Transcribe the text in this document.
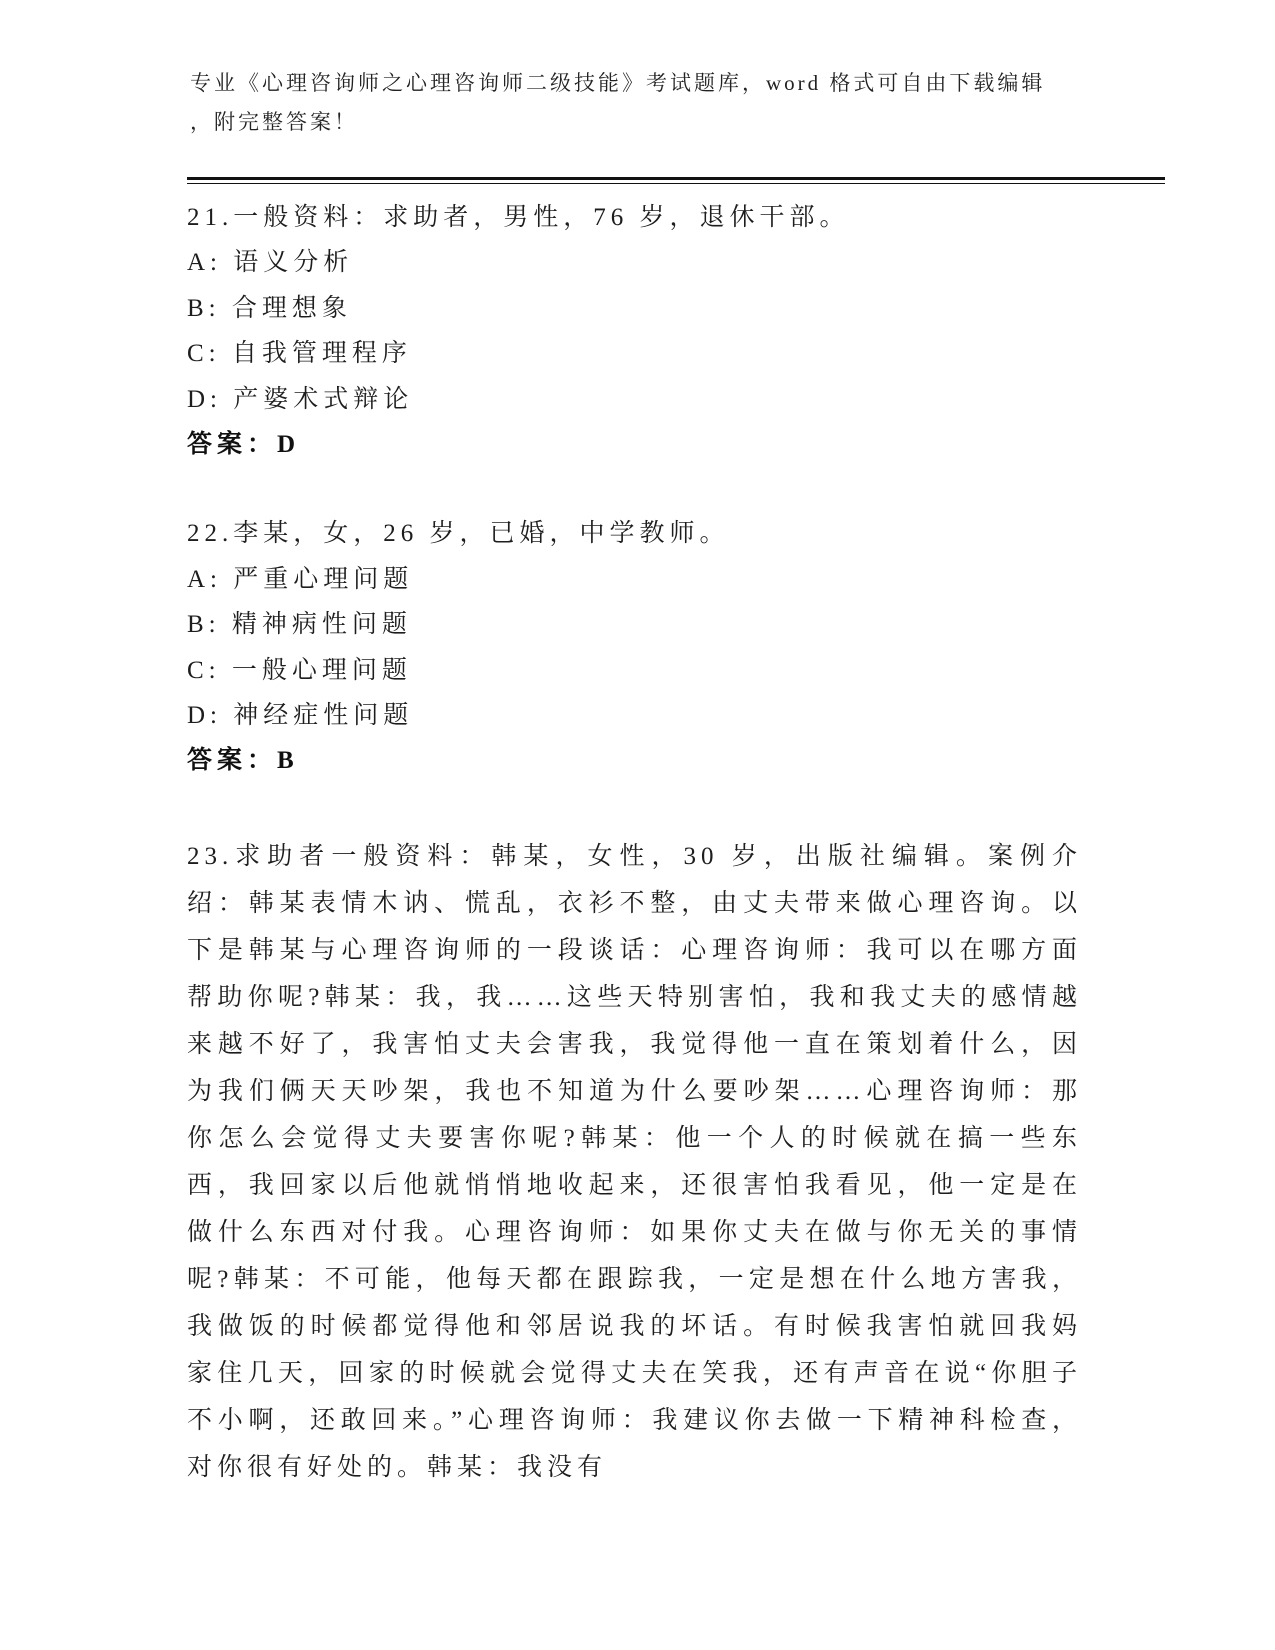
专业《心理咨询师之心理咨询师二级技能》考试题库，word 格式可自由下载编辑
，附完整答案！
21.一般资料：求助者，男性，76 岁，退休干部。
A: 语义分析
B: 合理想象
C: 自我管理程序
D: 产婆术式辩论
答案：D
22.李某，女，26 岁，已婚，中学教师。
A: 严重心理问题
B: 精神病性问题
C: 一般心理问题
D: 神经症性问题
答案：B
23.求助者一般资料：韩某，女性，30 岁，出版社编辑。案例介绍：韩某表情木讷、慌乱，衣衫不整，由丈夫带来做心理咨询。以下是韩某与心理咨询师的一段谈话：心理咨询师：我可以在哪方面帮助你呢?韩某：我，我……这些天特别害怕，我和我丈夫的感情越来越不好了，我害怕丈夫会害我，我觉得他一直在策划着什么，因为我们俩天天吵架，我也不知道为什么要吵架……心理咨询师：那你怎么会觉得丈夫要害你呢?韩某：他一个人的时候就在搞一些东西，我回家以后他就悄悄地收起来，还很害怕我看见，他一定是在做什么东西对付我。心理咨询师：如果你丈夫在做与你无关的事情呢?韩某：不可能，他每天都在跟踪我，一定是想在什么地方害我，我做饭的时候都觉得他和邻居说我的坏话。有时候我害怕就回我妈家住几天，回家的时候就会觉得丈夫在笑我，还有声音在说“你胆子不小啊，还敢回来。”心理咨询师：我建议你去做一下精神科检查，对你很有好处的。韩某：我没有
